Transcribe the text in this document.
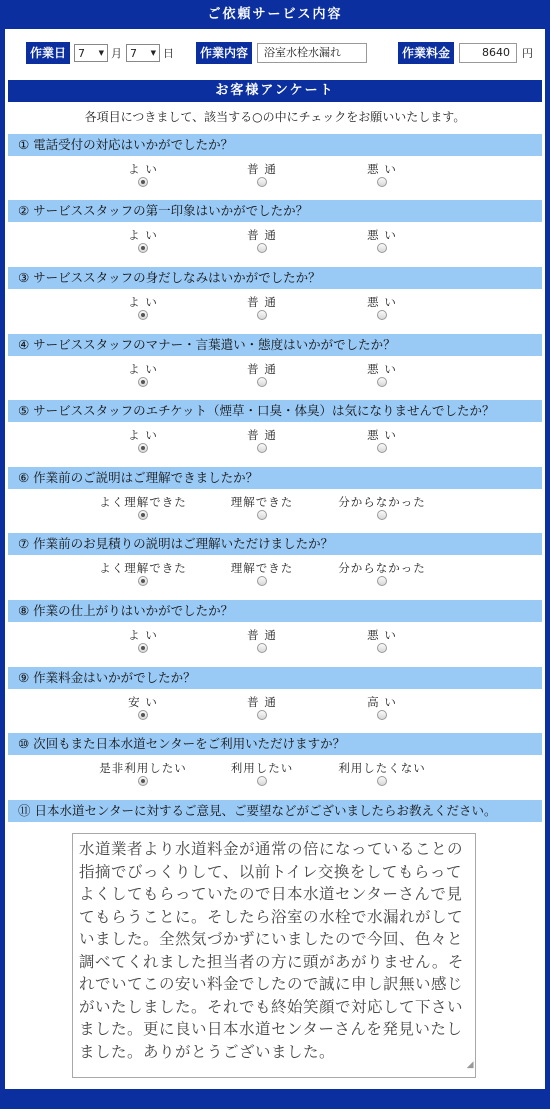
ご依頼サービス内容
作業日	7 ▼ 月 7 ▼ 日	作業内容	浴室水栓水漏れ	作業料金	8640	円
お客様アンケート
各項目につきまして、該当する○の中にチェックをお願いいたします。
① 電話受付の対応はいかがでしたか？
よ い	普 通	悪 い
② サービススタッフの第一印象はいかがでしたか？
よ い	普 通	悪 い
③ サービススタッフの身だしなみはいかがでしたか？
よ い	普 通	悪 い
④ サービススタッフのマナー・言葉遣い・態度はいかがでしたか？
よ い	普 通	悪 い
⑤ サービススタッフのエチケット（煙草・口臭・体臭）は気になりませんでしたか？
よ い	普 通	悪 い
⑥ 作業前のご説明はご理解できましたか？
よく理解できた	理解できた	分からなかった
⑦ 作業前のお見積りの説明はご理解いただけましたか？
よく理解できた	理解できた	分からなかった
⑧ 作業の仕上がりはいかがでしたか？
よ い	普 通	悪 い
⑨ 作業料金はいかがでしたか？
安 い	普 通	高 い
⑩ 次回もまた日本水道センターをご利用いただけますか？
是非利用したい	利用したい	利用したくない
⑪ 日本水道センターに対するご意見、ご要望などがございましたらお教えください。
水道業者より水道料金が通常の倍になっていることの指摘でびっくりして、以前トイレ交換をしてもらってよくしてもらっていたので日本水道センターさんで見てもらうことに。そしたら浴室の水栓で水漏れがしていました。全然気づかずにいましたので今回、色々と調べてくれました担当者の方に頭があがりません。それでいてこの安い料金でしたので誠に申し訳無い感じがいたしました。それでも終始笑顔で対応して下さいました。更に良い日本水道センターさんを発見いたしました。ありがとうございました。
◢
